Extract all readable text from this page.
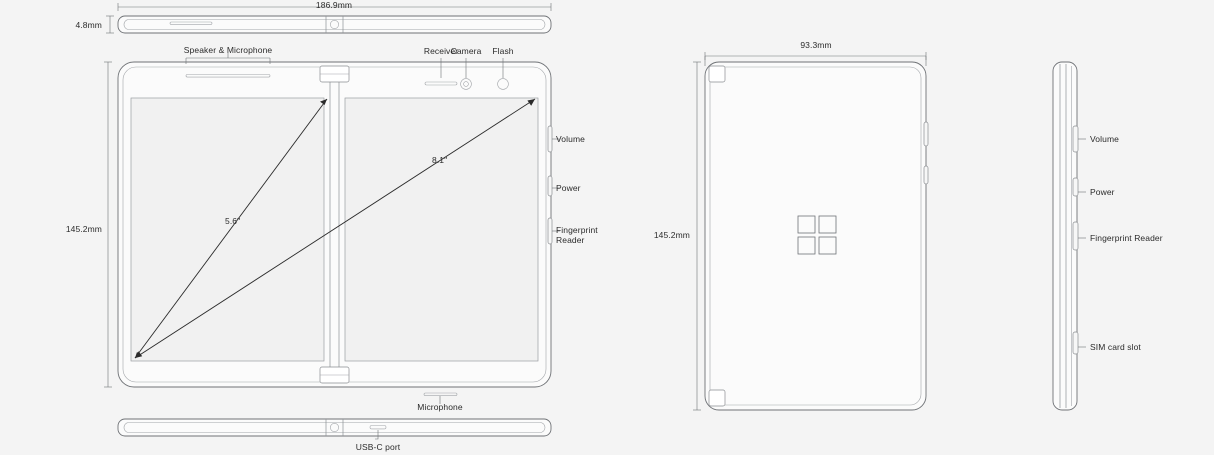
186.9mm
4.8mm
Speaker & Microphone	Receiver
Camera	Flash
145.2mm
5.6"
8.1"
Volume
Power
Fingerprint
Reader
Microphone
USB-C port
93.3mm
145.2mm
Volume
Power
Fingerprint Reader
SIM card slot
